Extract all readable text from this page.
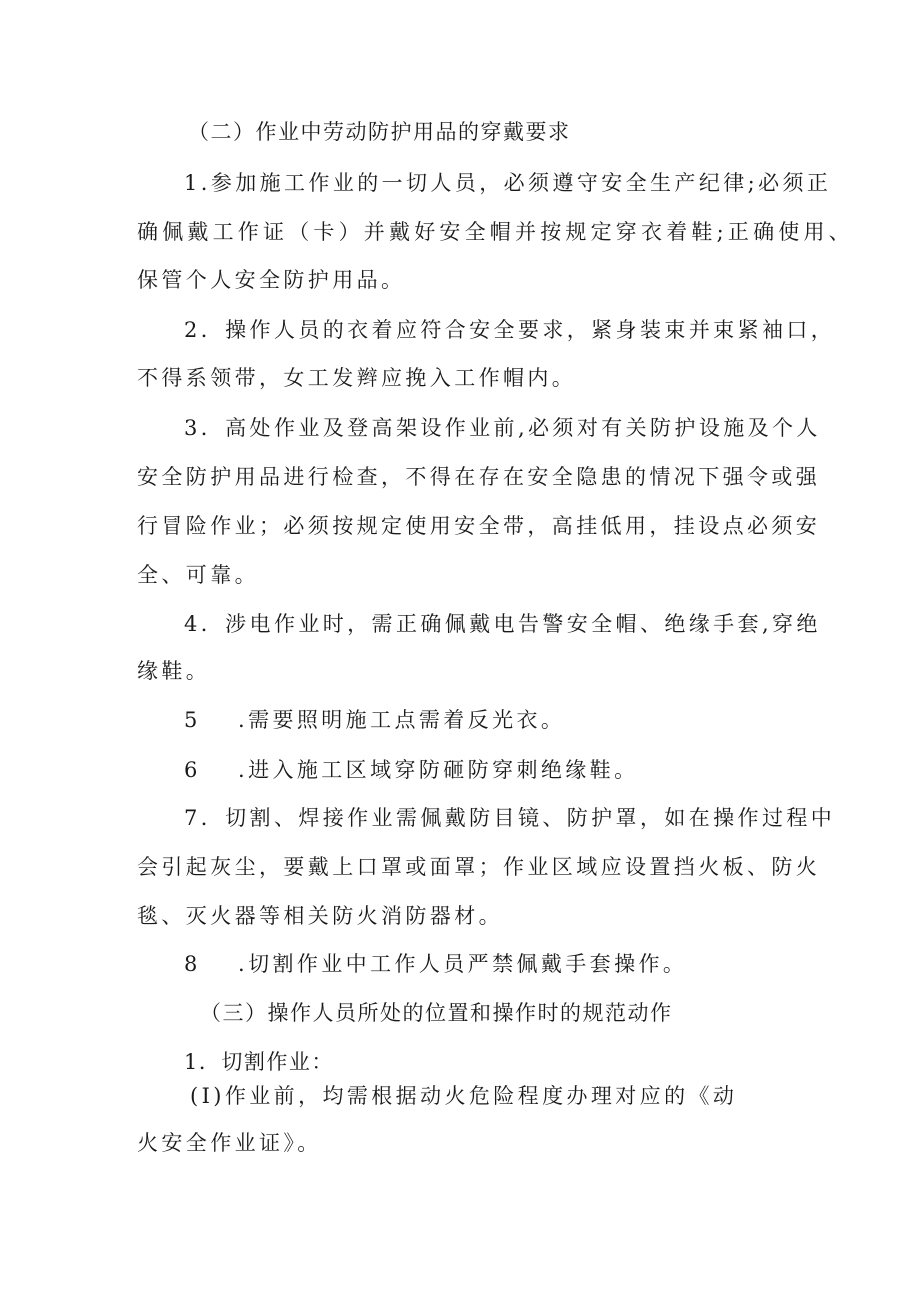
（二）作业中劳动防护用品的穿戴要求
1.参加施工作业的一切人员，必须遵守安全生产纪律;必须正
确佩戴工作证（卡）并戴好安全帽并按规定穿衣着鞋;正确使用、
保管个人安全防护用品。
2．操作人员的衣着应符合安全要求，紧身装束并束紧袖口，
不得系领带，女工发辫应挽入工作帽内。
3．高处作业及登高架设作业前,必须对有关防护设施及个人
安全防护用品进行检查，不得在存在安全隐患的情况下强令或强
行冒险作业；必须按规定使用安全带，高挂低用，挂设点必须安
全、可靠。
4．涉电作业时，需正确佩戴电告警安全帽、绝缘手套,穿绝
缘鞋。
5 .需要照明施工点需着反光衣。
6 .进入施工区域穿防砸防穿刺绝缘鞋。
7．切割、焊接作业需佩戴防目镜、防护罩，如在操作过程中
会引起灰尘，要戴上口罩或面罩；作业区域应设置挡火板、防火
毯、灭火器等相关防火消防器材。
8 .切割作业中工作人员严禁佩戴手套操作。
（三）操作人员所处的位置和操作时的规范动作
1．切割作业：
(I)作业前，均需根据动火危险程度办理对应的《动
火安全作业证》。
